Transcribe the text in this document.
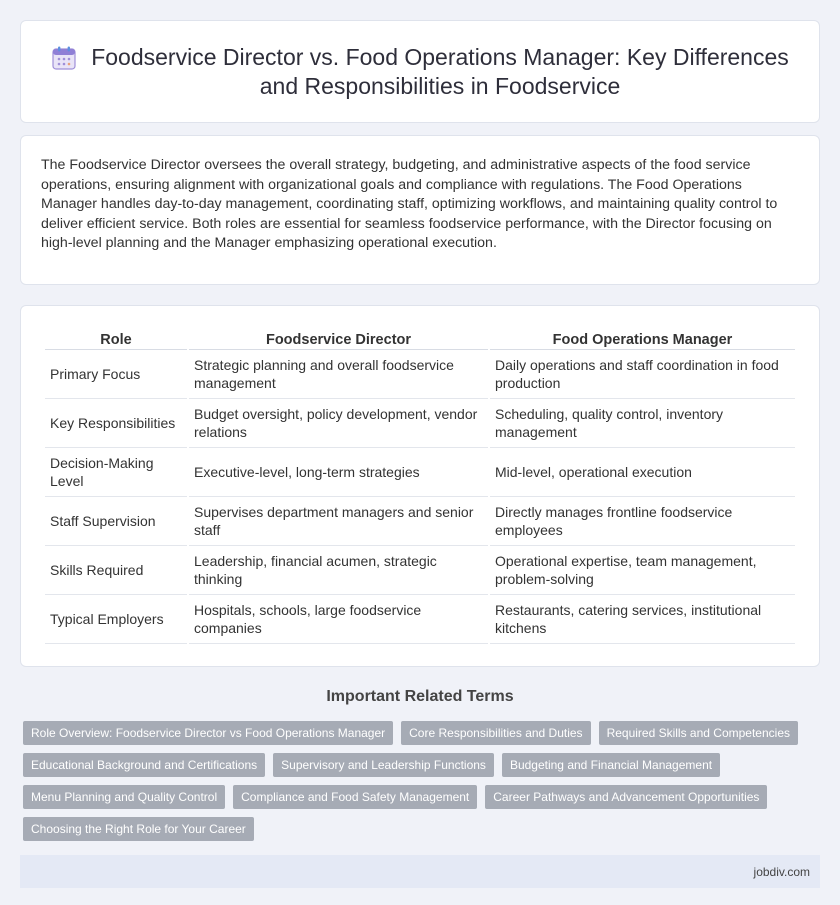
Foodservice Director vs. Food Operations Manager: Key Differences and Responsibilities in Foodservice

The Foodservice Director oversees the overall strategy, budgeting, and administrative aspects of the food service operations, ensuring alignment with organizational goals and compliance with regulations. The Food Operations Manager handles day-to-day management, coordinating staff, optimizing workflows, and maintaining quality control to deliver efficient service. Both roles are essential for seamless foodservice performance, with the Director focusing on high-level planning and the Manager emphasizing operational execution.

Role	Foodservice Director	Food Operations Manager
Primary Focus	Strategic planning and overall foodservice management	Daily operations and staff coordination in food production
Key Responsibilities	Budget oversight, policy development, vendor relations	Scheduling, quality control, inventory management
Decision-Making Level	Executive-level, long-term strategies	Mid-level, operational execution
Staff Supervision	Supervises department managers and senior staff	Directly manages frontline foodservice employees
Skills Required	Leadership, financial acumen, strategic thinking	Operational expertise, team management, problem-solving
Typical Employers	Hospitals, schools, large foodservice companies	Restaurants, catering services, institutional kitchens
Important Related Terms
Role Overview: Foodservice Director vs Food Operations Manager	Core Responsibilities and Duties	Required Skills and Competencies
Educational Background and Certifications	Supervisory and Leadership Functions	Budgeting and Financial Management
Menu Planning and Quality Control	Compliance and Food Safety Management	Career Pathways and Advancement Opportunities
Choosing the Right Role for Your Career
jobdiv.com
